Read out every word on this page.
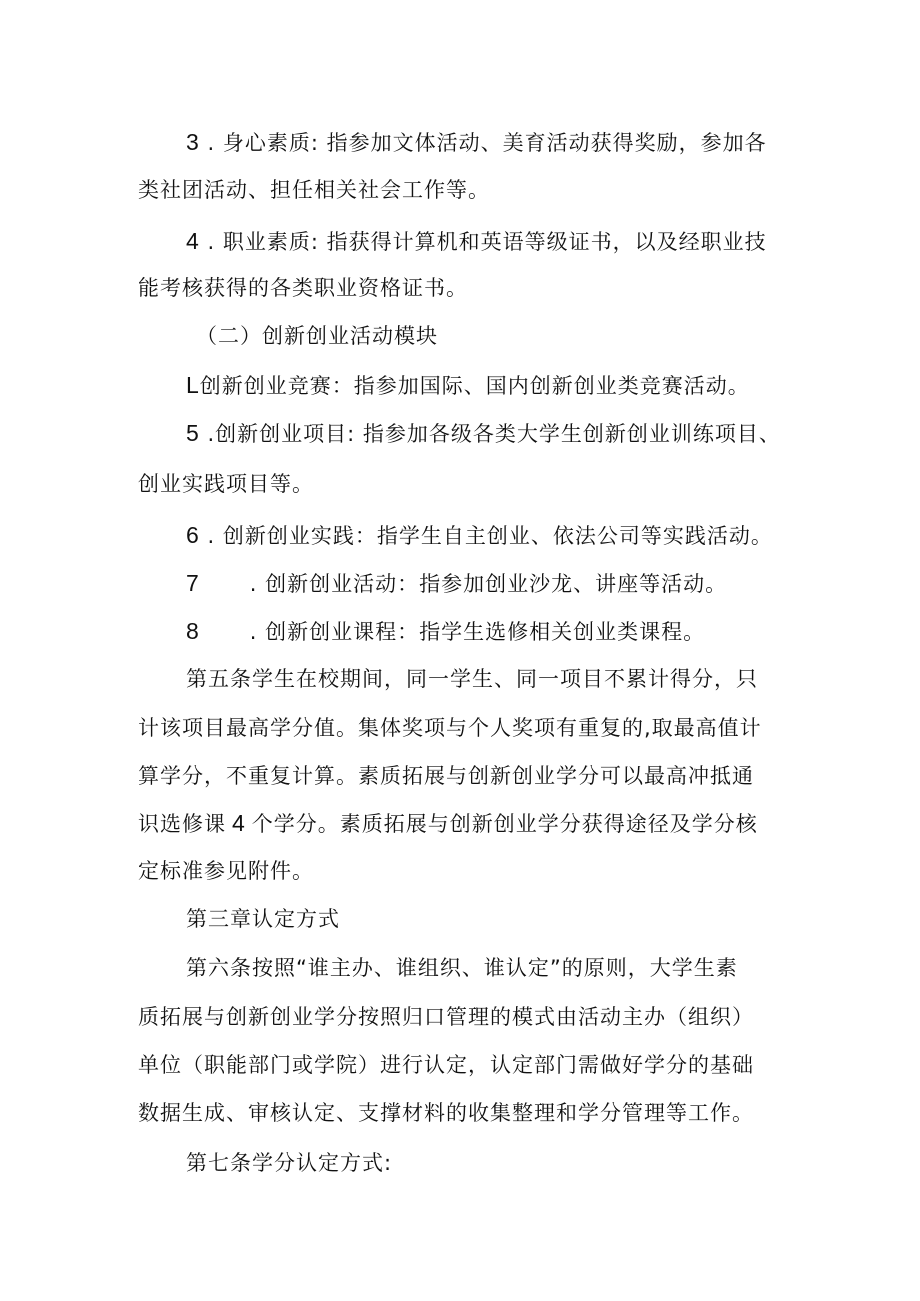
3 . 身心素质: 指参加文体活动、美育活动获得奖励，参加各
类社团活动、担任相关社会工作等。
4 . 职业素质: 指获得计算机和英语等级证书，以及经职业技
能考核获得的各类职业资格证书。
（二）创新创业活动模块
L创新创业竞赛：指参加国际、国内创新创业类竞赛活动。
5 .创新创业项目: 指参加各级各类大学生创新创业训练项目、
创业实践项目等。
6 . 创新创业实践：指学生自主创业、依法公司等实践活动。
7 . 创新创业活动：指参加创业沙龙、讲座等活动。
8 . 创新创业课程：指学生选修相关创业类课程。
第五条学生在校期间，同一学生、同一项目不累计得分，只
计该项目最高学分值。集体奖项与个人奖项有重复的,取最高值计
算学分，不重复计算。素质拓展与创新创业学分可以最高冲抵通
识选修课 4 个学分。素质拓展与创新创业学分获得途径及学分核
定标准参见附件。
第三章认定方式
第六条按照“谁主办、谁组织、谁认定”的原则，大学生素
质拓展与创新创业学分按照归口管理的模式由活动主办（组织）
单位（职能部门或学院）进行认定，认定部门需做好学分的基础
数据生成、审核认定、支撑材料的收集整理和学分管理等工作。
第七条学分认定方式:
